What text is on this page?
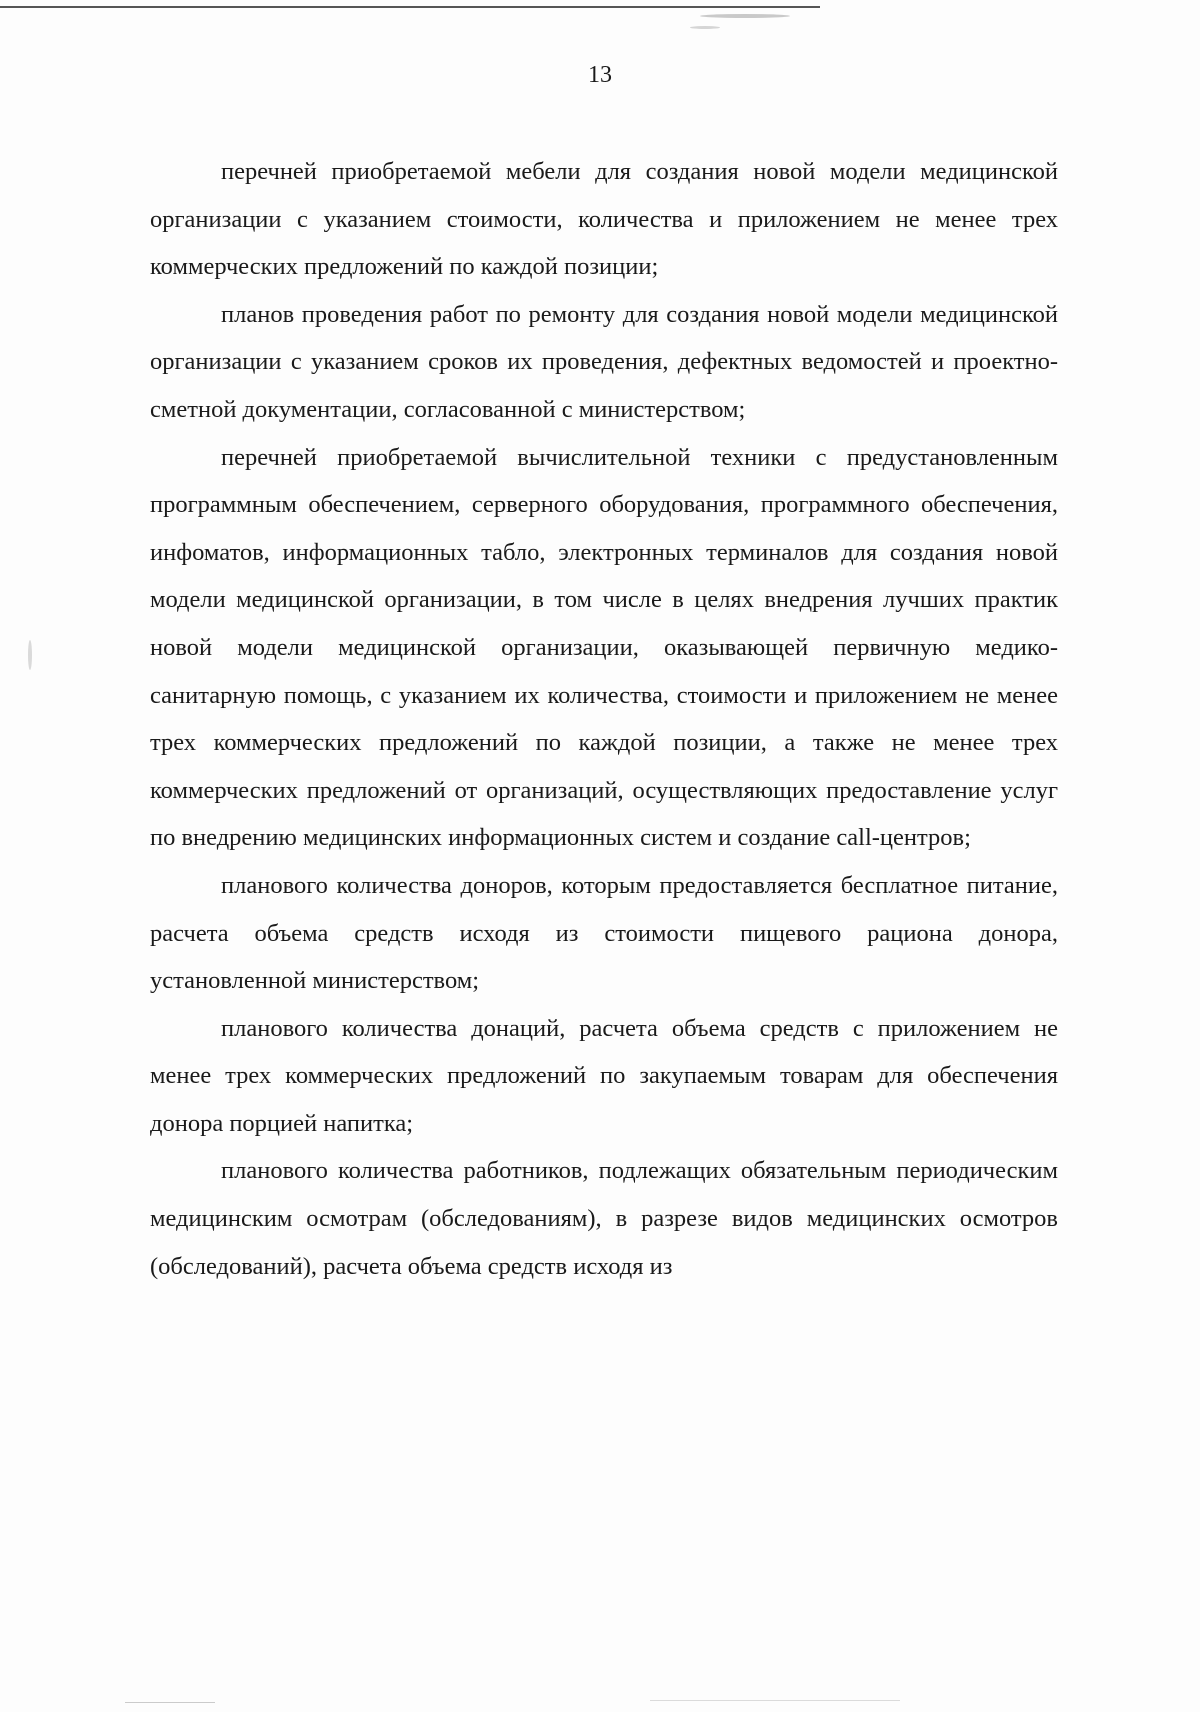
13

перечней приобретаемой мебели для создания новой модели медицинской организации с указанием стоимости, количества и приложением не менее трех коммерческих предложений по каждой позиции;

планов проведения работ по ремонту для создания новой модели медицинской организации с указанием сроков их проведения, дефектных ведомостей и проектно-сметной документации, согласованной с министерством;

перечней приобретаемой вычислительной техники с предустановленным программным обеспечением, серверного оборудования, программного обеспечения, инфоматов, информационных табло, электронных терминалов для создания новой модели медицинской организации, в том числе в целях внедрения лучших практик новой модели медицинской организации, оказывающей первичную медико-санитарную помощь, с указанием их количества, стоимости и приложением не менее трех коммерческих предложений по каждой позиции, а также не менее трех коммерческих предложений от организаций, осуществляющих предоставление услуг по внедрению медицинских информационных систем и создание call-центров;

планового количества доноров, которым предоставляется бесплатное питание, расчета объема средств исходя из стоимости пищевого рациона донора, установленной министерством;

планового количества донаций, расчета объема средств с приложением не менее трех коммерческих предложений по закупаемым товарам для обеспечения донора порцией напитка;

планового количества работников, подлежащих обязательным периодическим медицинским осмотрам (обследованиям), в разрезе видов медицинских осмотров (обследований), расчета объема средств исходя из
